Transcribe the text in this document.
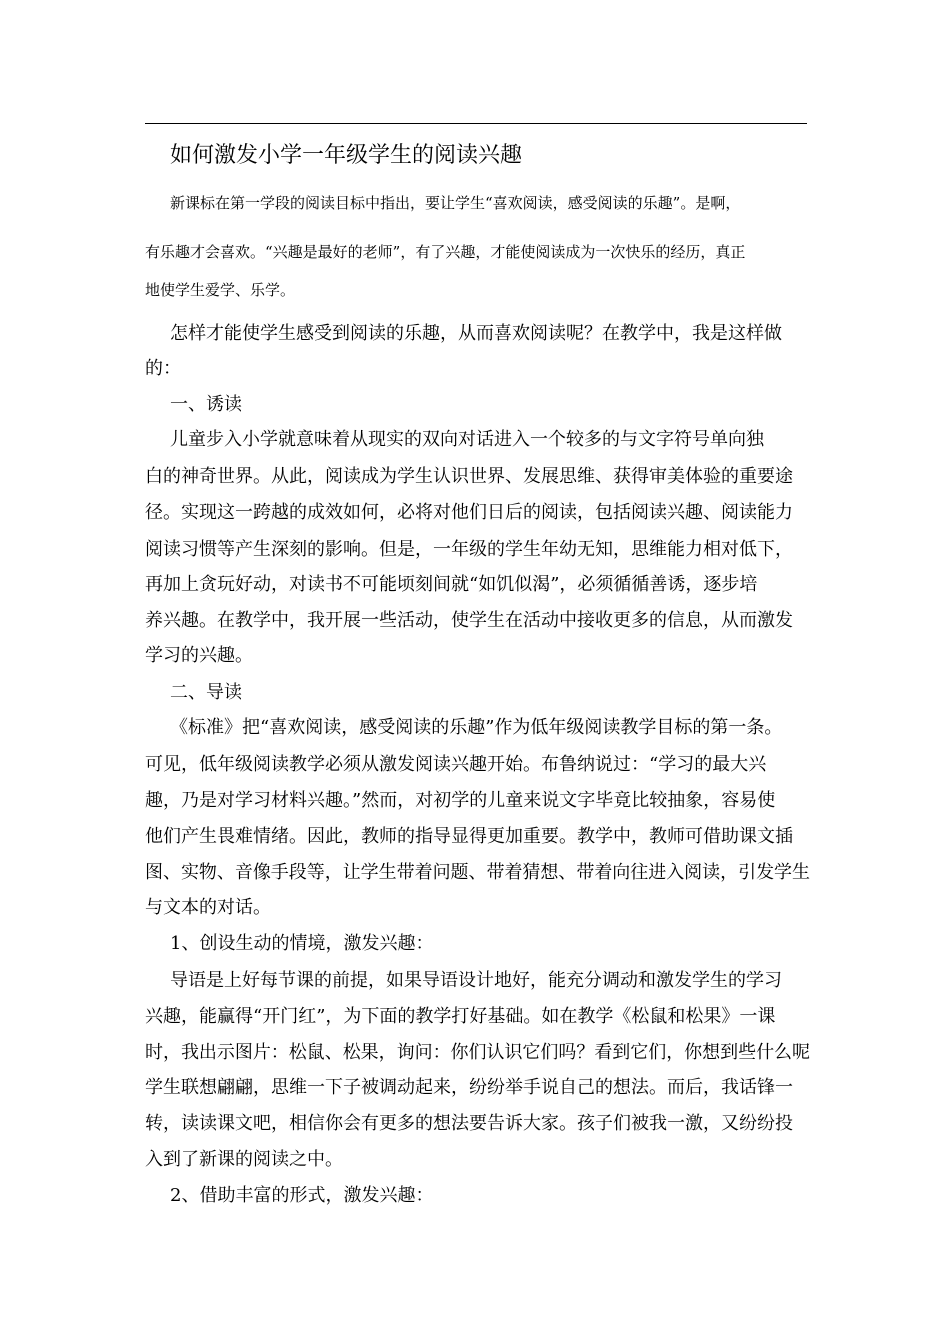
如何激发小学一年级学生的阅读兴趣
新课标在第一学段的阅读目标中指出，要让学生“喜欢阅读，感受阅读的乐趣”。是啊，
有乐趣才会喜欢。“兴趣是最好的老师”，有了兴趣，才能使阅读成为一次快乐的经历，真正
地使学生爱学、乐学。
怎样才能使学生感受到阅读的乐趣，从而喜欢阅读呢？在教学中，我是这样做
的：
一、诱读
儿童步入小学就意味着从现实的双向对话进入一个较多的与文字符号单向独
白的神奇世界。从此，阅读成为学生认识世界、发展思维、获得审美体验的重要途
径。实现这一跨越的成效如何，必将对他们日后的阅读，包括阅读兴趣、阅读能力
阅读习惯等产生深刻的影响。但是，一年级的学生年幼无知，思维能力相对低下，
再加上贪玩好动，对读书不可能顷刻间就“如饥似渴”，必须循循善诱，逐步培
养兴趣。在教学中，我开展一些活动，使学生在活动中接收更多的信息，从而激发
学习的兴趣。
二、导读
《标准》把“喜欢阅读，感受阅读的乐趣”作为低年级阅读教学目标的第一条。
可见，低年级阅读教学必须从激发阅读兴趣开始。布鲁纳说过：“学习的最大兴
趣，乃是对学习材料兴趣。”然而，对初学的儿童来说文字毕竟比较抽象，容易使
他们产生畏难情绪。因此，教师的指导显得更加重要。教学中，教师可借助课文插
图、实物、音像手段等，让学生带着问题、带着猜想、带着向往进入阅读，引发学生
与文本的对话。
1、创设生动的情境，激发兴趣：
导语是上好每节课的前提，如果导语设计地好，能充分调动和激发学生的学习
兴趣，能赢得“开门红”，为下面的教学打好基础。如在教学《松鼠和松果》一课
时，我出示图片：松鼠、松果，询问：你们认识它们吗？看到它们，你想到些什么呢
学生联想翩翩，思维一下子被调动起来，纷纷举手说自己的想法。而后，我话锋一
转，读读课文吧，相信你会有更多的想法要告诉大家。孩子们被我一激，又纷纷投
入到了新课的阅读之中。
2、借助丰富的形式，激发兴趣：
